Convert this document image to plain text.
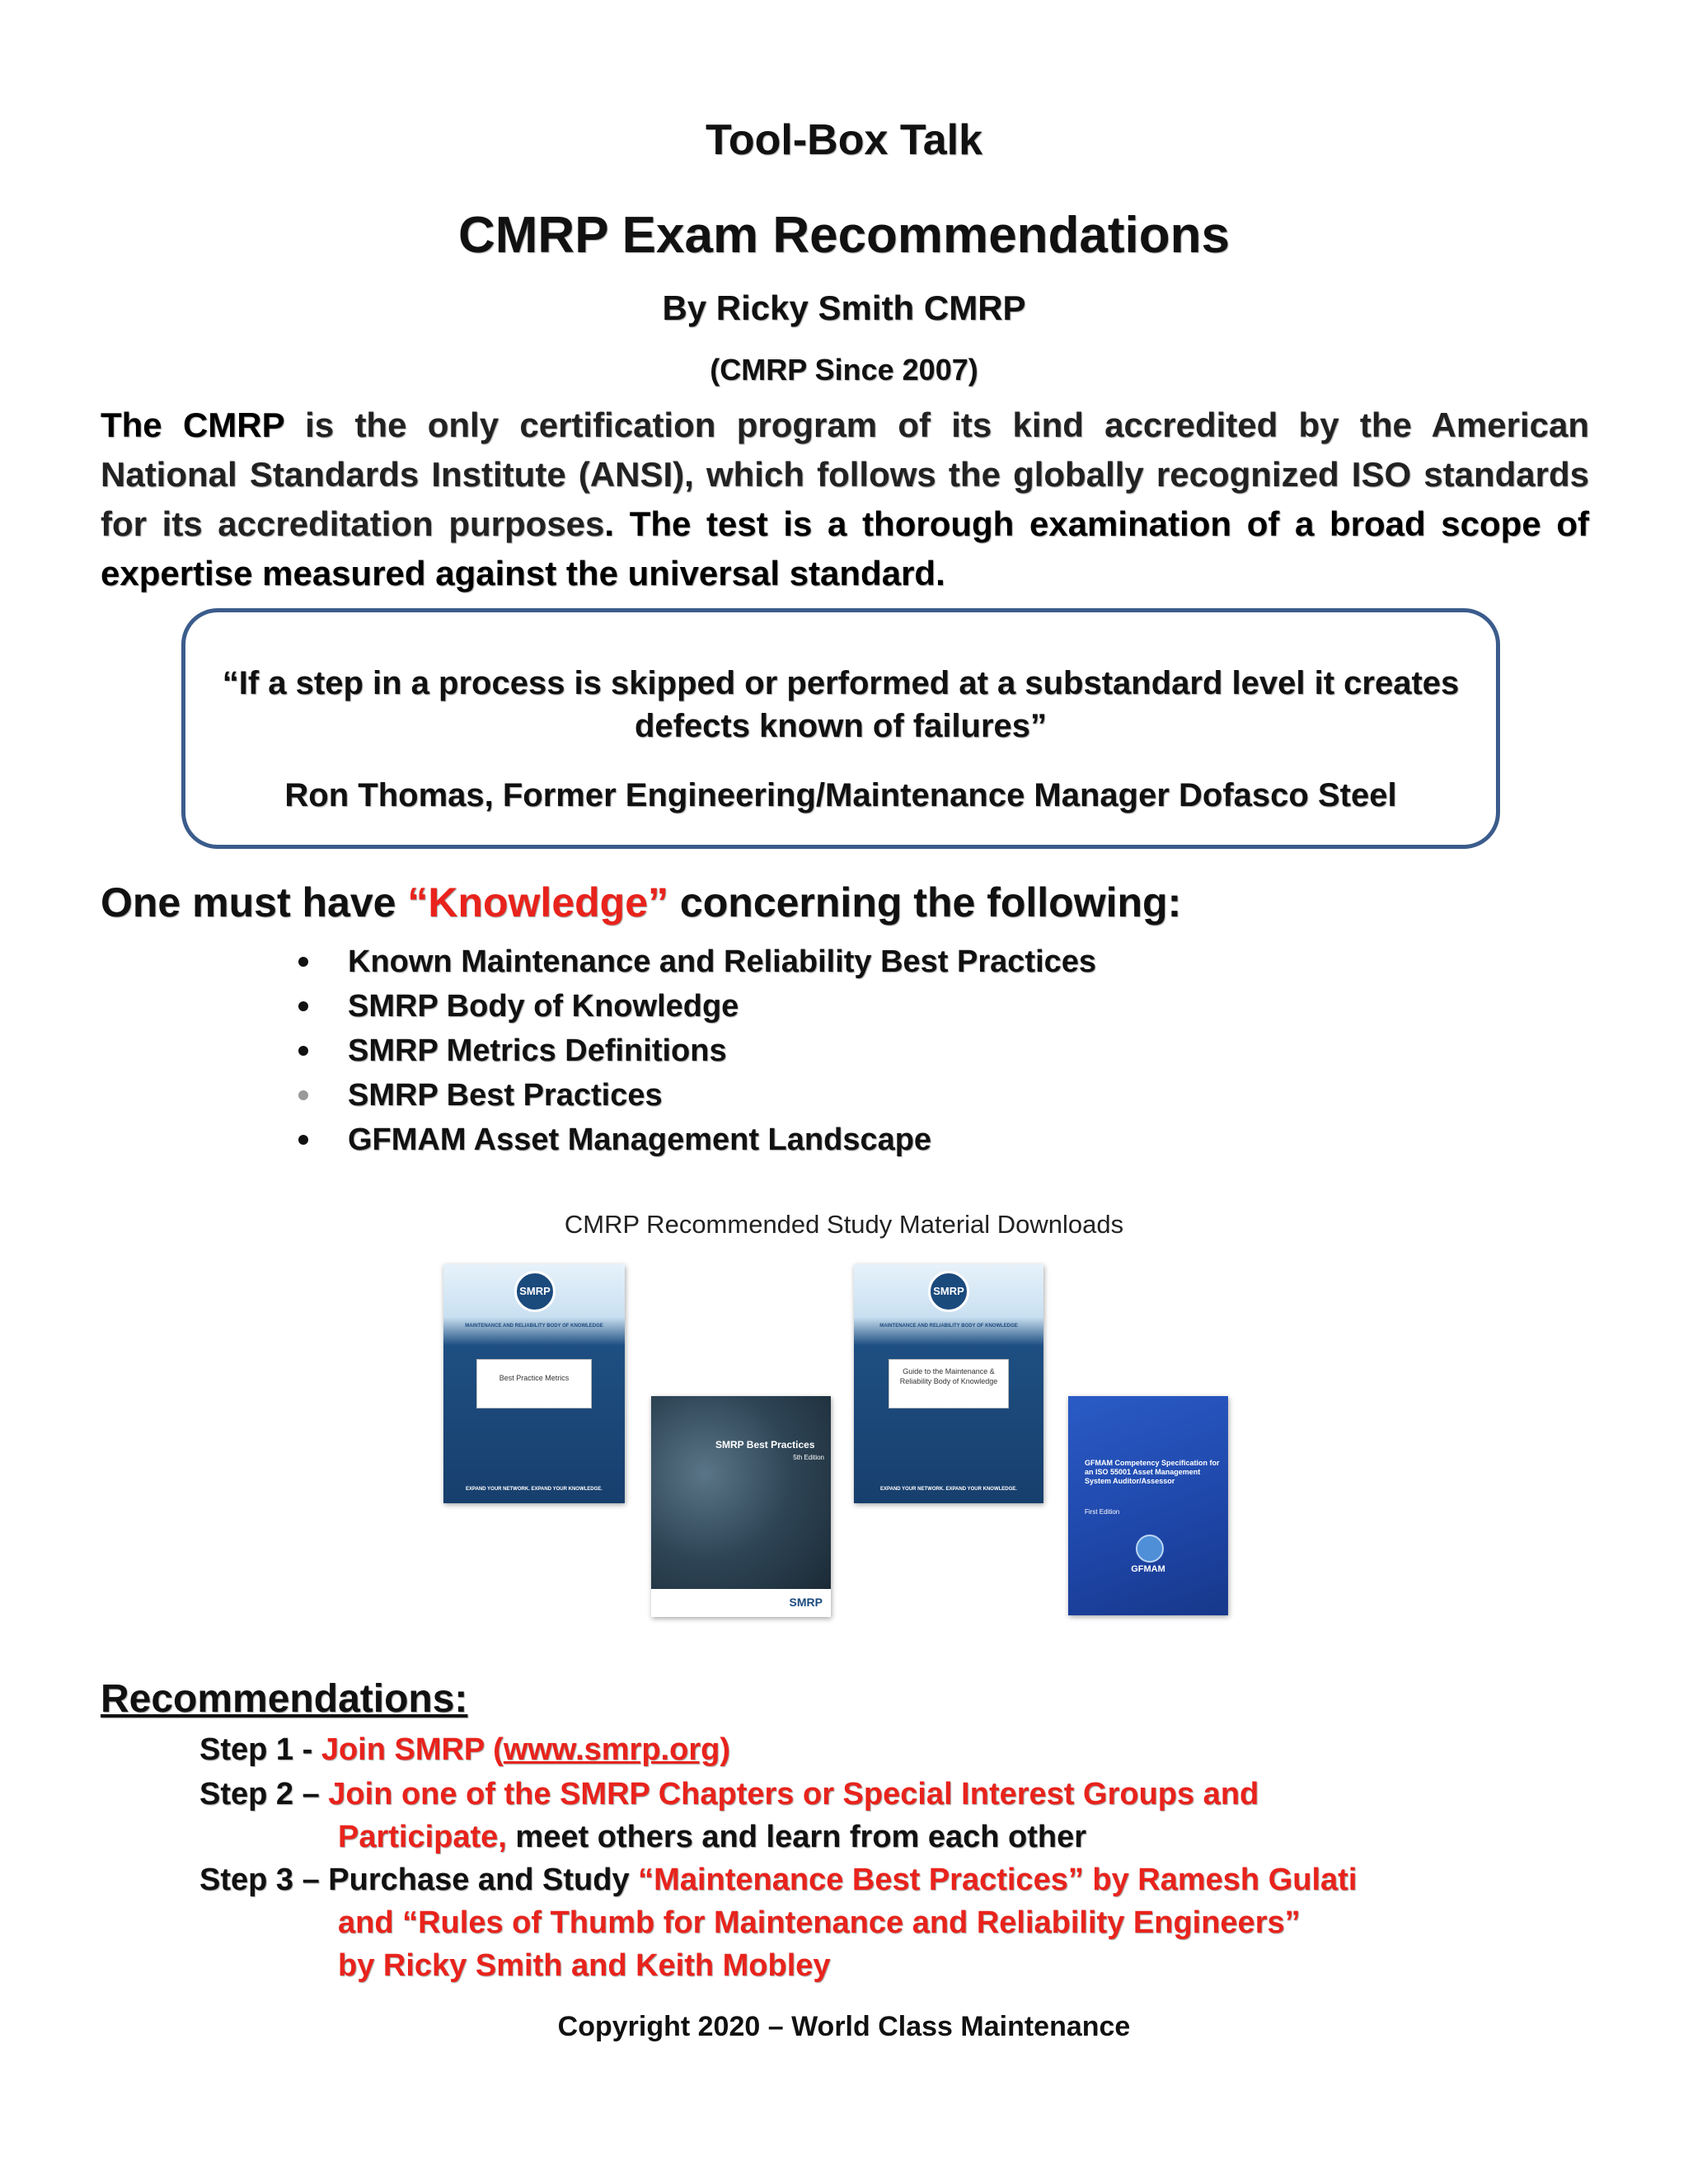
Tool-Box Talk
CMRP Exam Recommendations
By Ricky Smith CMRP
(CMRP Since 2007)
The CMRP is the only certification program of its kind accredited by the American National Standards Institute (ANSI), which follows the globally recognized ISO standards for its accreditation purposes. The test is a thorough examination of a broad scope of expertise measured against the universal standard.
“If a step in a process is skipped or performed at a substandard level it creates defects known of failures”
Ron Thomas, Former Engineering/Maintenance Manager Dofasco Steel
One must have “Knowledge” concerning the following:
Known Maintenance and Reliability Best Practices
SMRP Body of Knowledge
SMRP Metrics Definitions
SMRP Best Practices
GFMAM Asset Management Landscape
CMRP Recommended Study Material Downloads
SMRP
MAINTENANCE AND RELIABILITY BODY OF KNOWLEDGE
Best Practice Metrics
EXPAND YOUR NETWORK. EXPAND YOUR KNOWLEDGE.
SMRP Best Practices
5th Edition
SMRP
SMRP
MAINTENANCE AND RELIABILITY BODY OF KNOWLEDGE
Guide to the Maintenance & Reliability Body of Knowledge
EXPAND YOUR NETWORK. EXPAND YOUR KNOWLEDGE.
GFMAM Competency Specification for an ISO 55001 Asset Management System Auditor/Assessor
First Edition
GFMAM
Recommendations:
Step 1 - Join SMRP (www.smrp.org)
Step 2 – Join one of the SMRP Chapters or Special Interest Groups and
Participate, meet others and learn from each other
Step 3 – Purchase and Study “Maintenance Best Practices” by Ramesh Gulati
and “Rules of Thumb for Maintenance and Reliability Engineers”
by Ricky Smith and Keith Mobley
Copyright 2020 – World Class Maintenance
